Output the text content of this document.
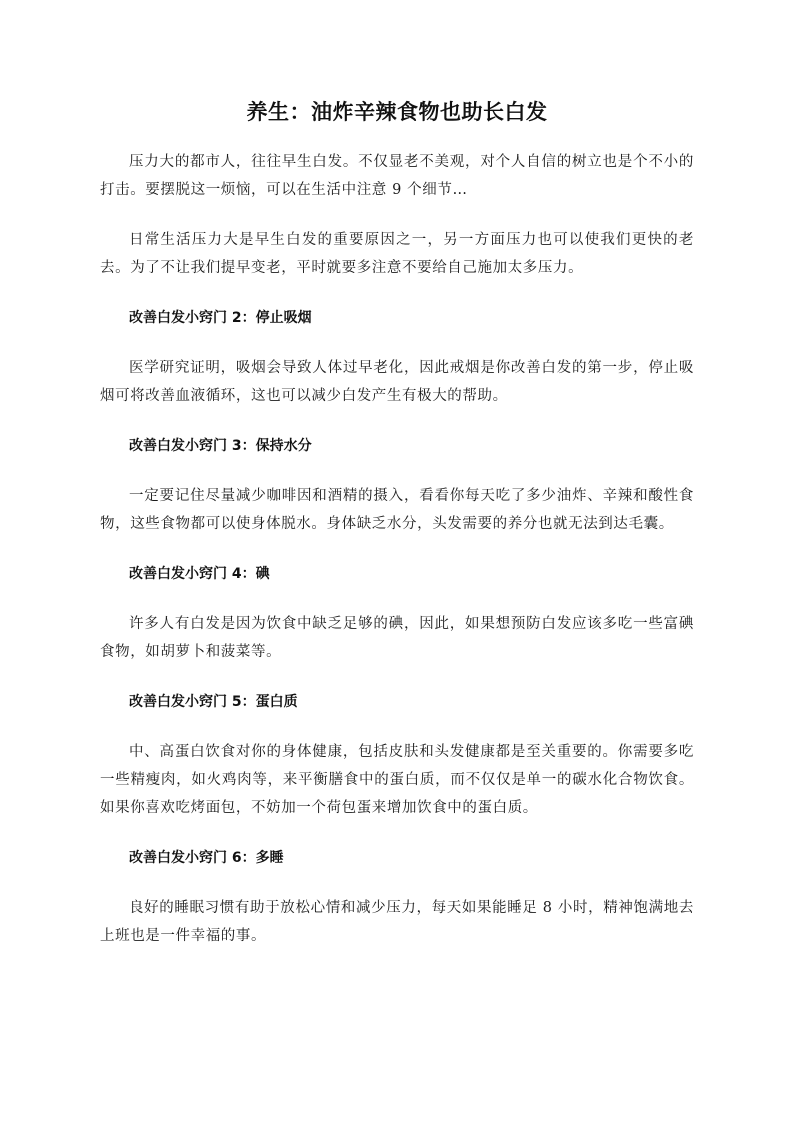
养生：油炸辛辣食物也助长白发

压力大的都市人，往往早生白发。不仅显老不美观，对个人自信的树立也是个不小的打击。要摆脱这一烦恼，可以在生活中注意 9 个细节…

日常生活压力大是早生白发的重要原因之一，另一方面压力也可以使我们更快的老去。为了不让我们提早变老，平时就要多注意不要给自己施加太多压力。

改善白发小窍门 2：停止吸烟

医学研究证明，吸烟会导致人体过早老化，因此戒烟是你改善白发的第一步，停止吸烟可将改善血液循环，这也可以减少白发产生有极大的帮助。

改善白发小窍门 3：保持水分

一定要记住尽量减少咖啡因和酒精的摄入，看看你每天吃了多少油炸、辛辣和酸性食物，这些食物都可以使身体脱水。身体缺乏水分，头发需要的养分也就无法到达毛囊。

改善白发小窍门 4：碘

许多人有白发是因为饮食中缺乏足够的碘，因此，如果想预防白发应该多吃一些富碘食物，如胡萝卜和菠菜等。

改善白发小窍门 5：蛋白质

中、高蛋白饮食对你的身体健康，包括皮肤和头发健康都是至关重要的。你需要多吃一些精瘦肉，如火鸡肉等，来平衡膳食中的蛋白质，而不仅仅是单一的碳水化合物饮食。如果你喜欢吃烤面包，不妨加一个荷包蛋来增加饮食中的蛋白质。

改善白发小窍门 6：多睡

良好的睡眠习惯有助于放松心情和减少压力，每天如果能睡足 8 小时，精神饱满地去上班也是一件幸福的事。
